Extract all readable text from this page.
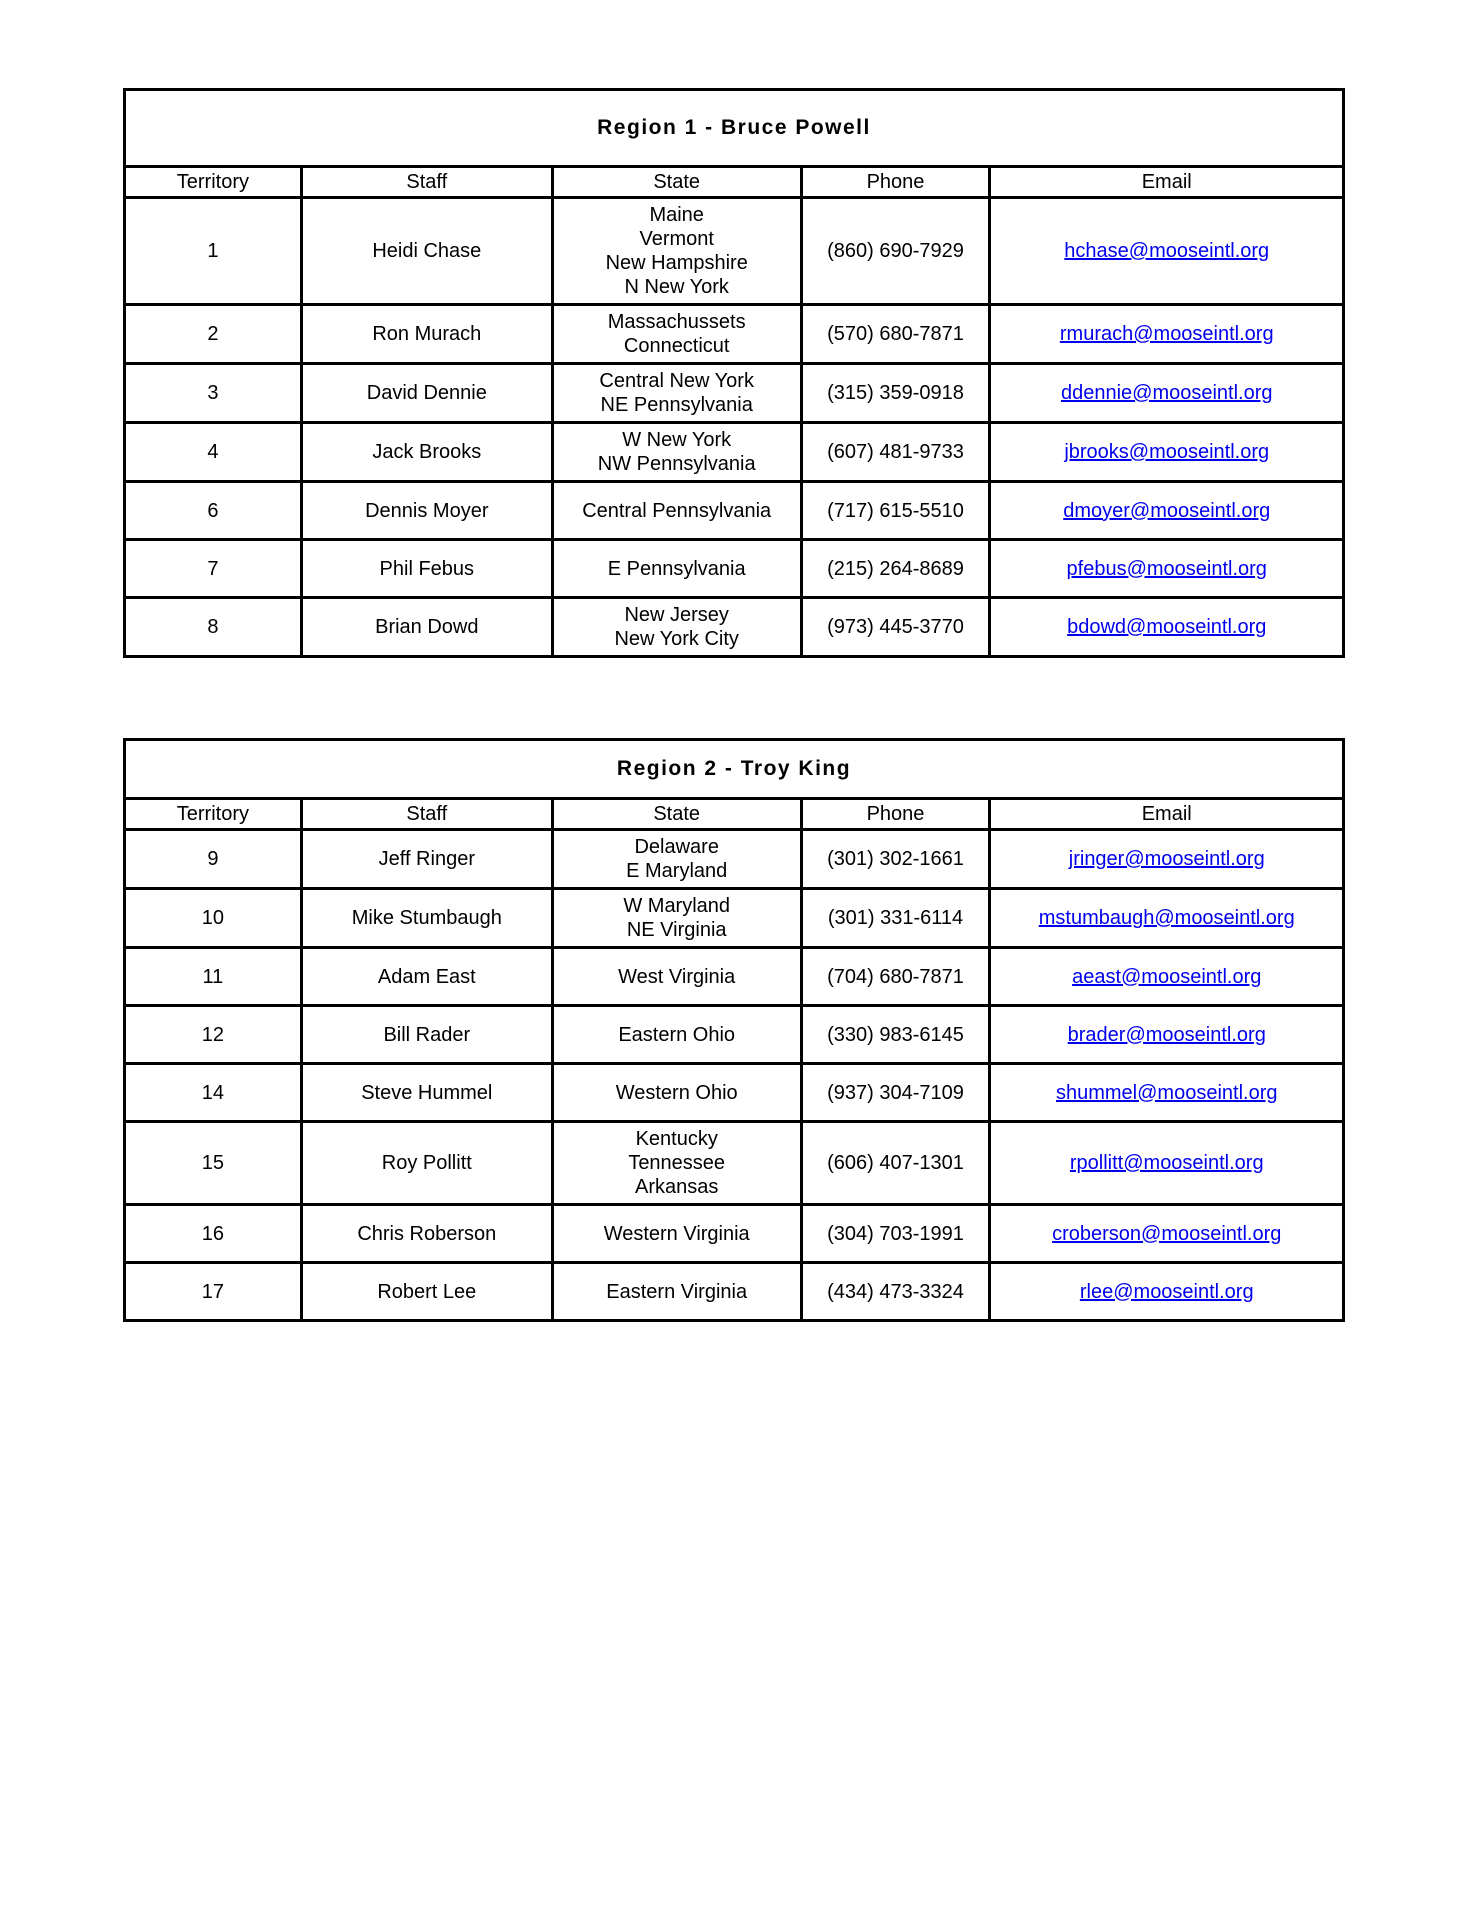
Region 1 - Bruce Powell				
Territory	Staff	State	Phone	Email
1	Heidi Chase	Maine
Vermont
New Hampshire
N New York	(860) 690-7929	hchase@mooseintl.org
2	Ron Murach	Massachussets
Connecticut	(570) 680-7871	rmurach@mooseintl.org
3	David Dennie	Central New York
NE Pennsylvania	(315) 359-0918	ddennie@mooseintl.org
4	Jack Brooks	W New York
NW Pennsylvania	(607) 481-9733	jbrooks@mooseintl.org
6	Dennis Moyer	Central Pennsylvania	(717) 615-5510	dmoyer@mooseintl.org
7	Phil Febus	E Pennsylvania	(215) 264-8689	pfebus@mooseintl.org
8	Brian Dowd	New Jersey
New York City	(973) 445-3770	bdowd@mooseintl.org
Region 2 - Troy King				
Territory	Staff	State	Phone	Email
9	Jeff Ringer	Delaware
E Maryland	(301) 302-1661	jringer@mooseintl.org
10	Mike Stumbaugh	W Maryland
NE Virginia	(301) 331-6114	mstumbaugh@mooseintl.org
11	Adam East	West Virginia	(704) 680-7871	aeast@mooseintl.org
12	Bill Rader	Eastern Ohio	(330) 983-6145	brader@mooseintl.org
14	Steve Hummel	Western Ohio	(937) 304-7109	shummel@mooseintl.org
15	Roy Pollitt	Kentucky
Tennessee
Arkansas	(606) 407-1301	rpollitt@mooseintl.org
16	Chris Roberson	Western Virginia	(304) 703-1991	croberson@mooseintl.org
17	Robert Lee	Eastern Virginia	(434) 473-3324	rlee@mooseintl.org
